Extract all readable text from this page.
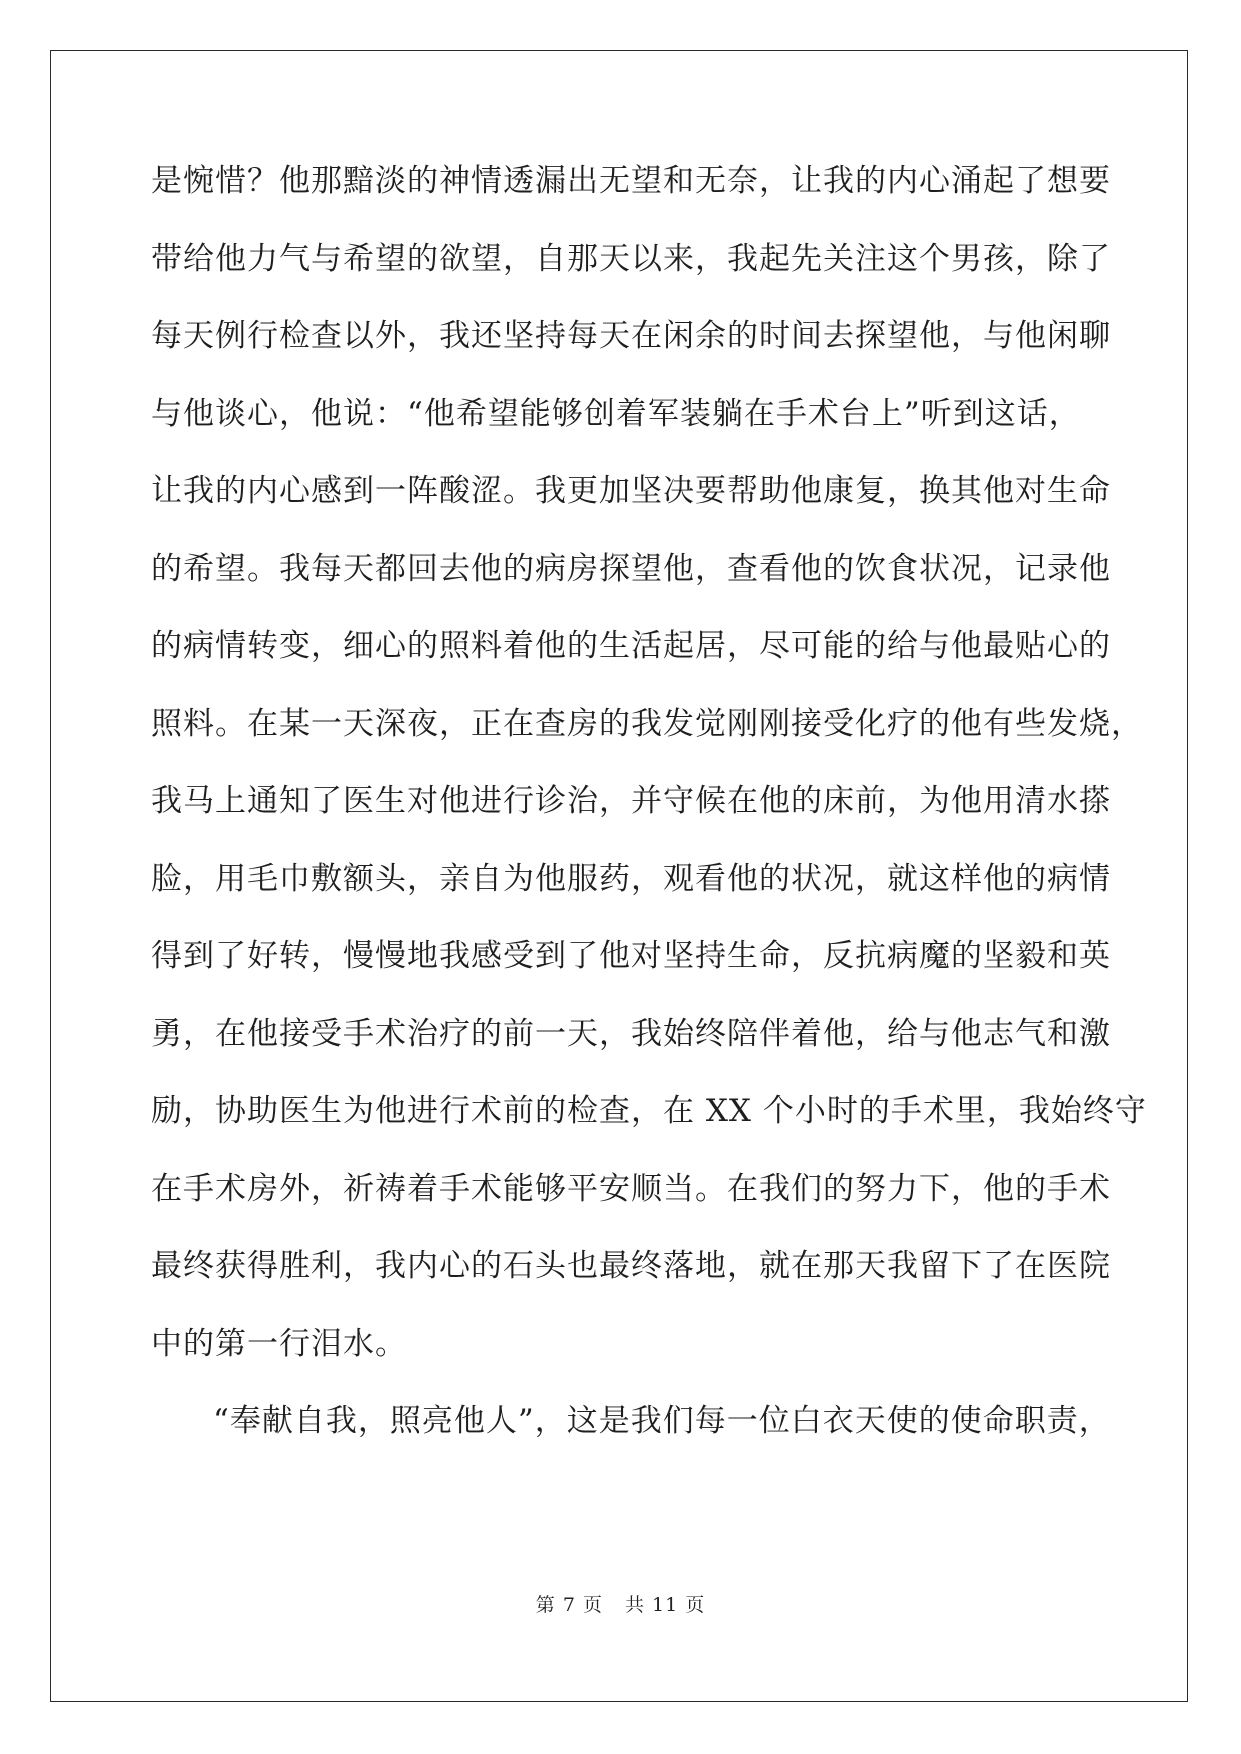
是惋惜？他那黯淡的神情透漏出无望和无奈，让我的内心涌起了想要
带给他力气与希望的欲望，自那天以来，我起先关注这个男孩，除了
每天例行检查以外，我还坚持每天在闲余的时间去探望他，与他闲聊
与他谈心，他说：“他希望能够创着军装躺在手术台上”听到这话，
让我的内心感到一阵酸涩。我更加坚决要帮助他康复，换其他对生命
的希望。我每天都回去他的病房探望他，查看他的饮食状况，记录他
的病情转变，细心的照料着他的生活起居，尽可能的给与他最贴心的
照料。在某一天深夜，正在查房的我发觉刚刚接受化疗的他有些发烧，
我马上通知了医生对他进行诊治，并守候在他的床前，为他用清水搽
脸，用毛巾敷额头，亲自为他服药，观看他的状况，就这样他的病情
得到了好转，慢慢地我感受到了他对坚持生命，反抗病魔的坚毅和英
勇，在他接受手术治疗的前一天，我始终陪伴着他，给与他志气和激
励，协助医生为他进行术前的检查，在 XX 个小时的手术里，我始终守
在手术房外，祈祷着手术能够平安顺当。在我们的努力下，他的手术
最终获得胜利，我内心的石头也最终落地，就在那天我留下了在医院
中的第一行泪水。
“奉献自我，照亮他人”，这是我们每一位白衣天使的使命职责，
第 7 页 共 11 页
